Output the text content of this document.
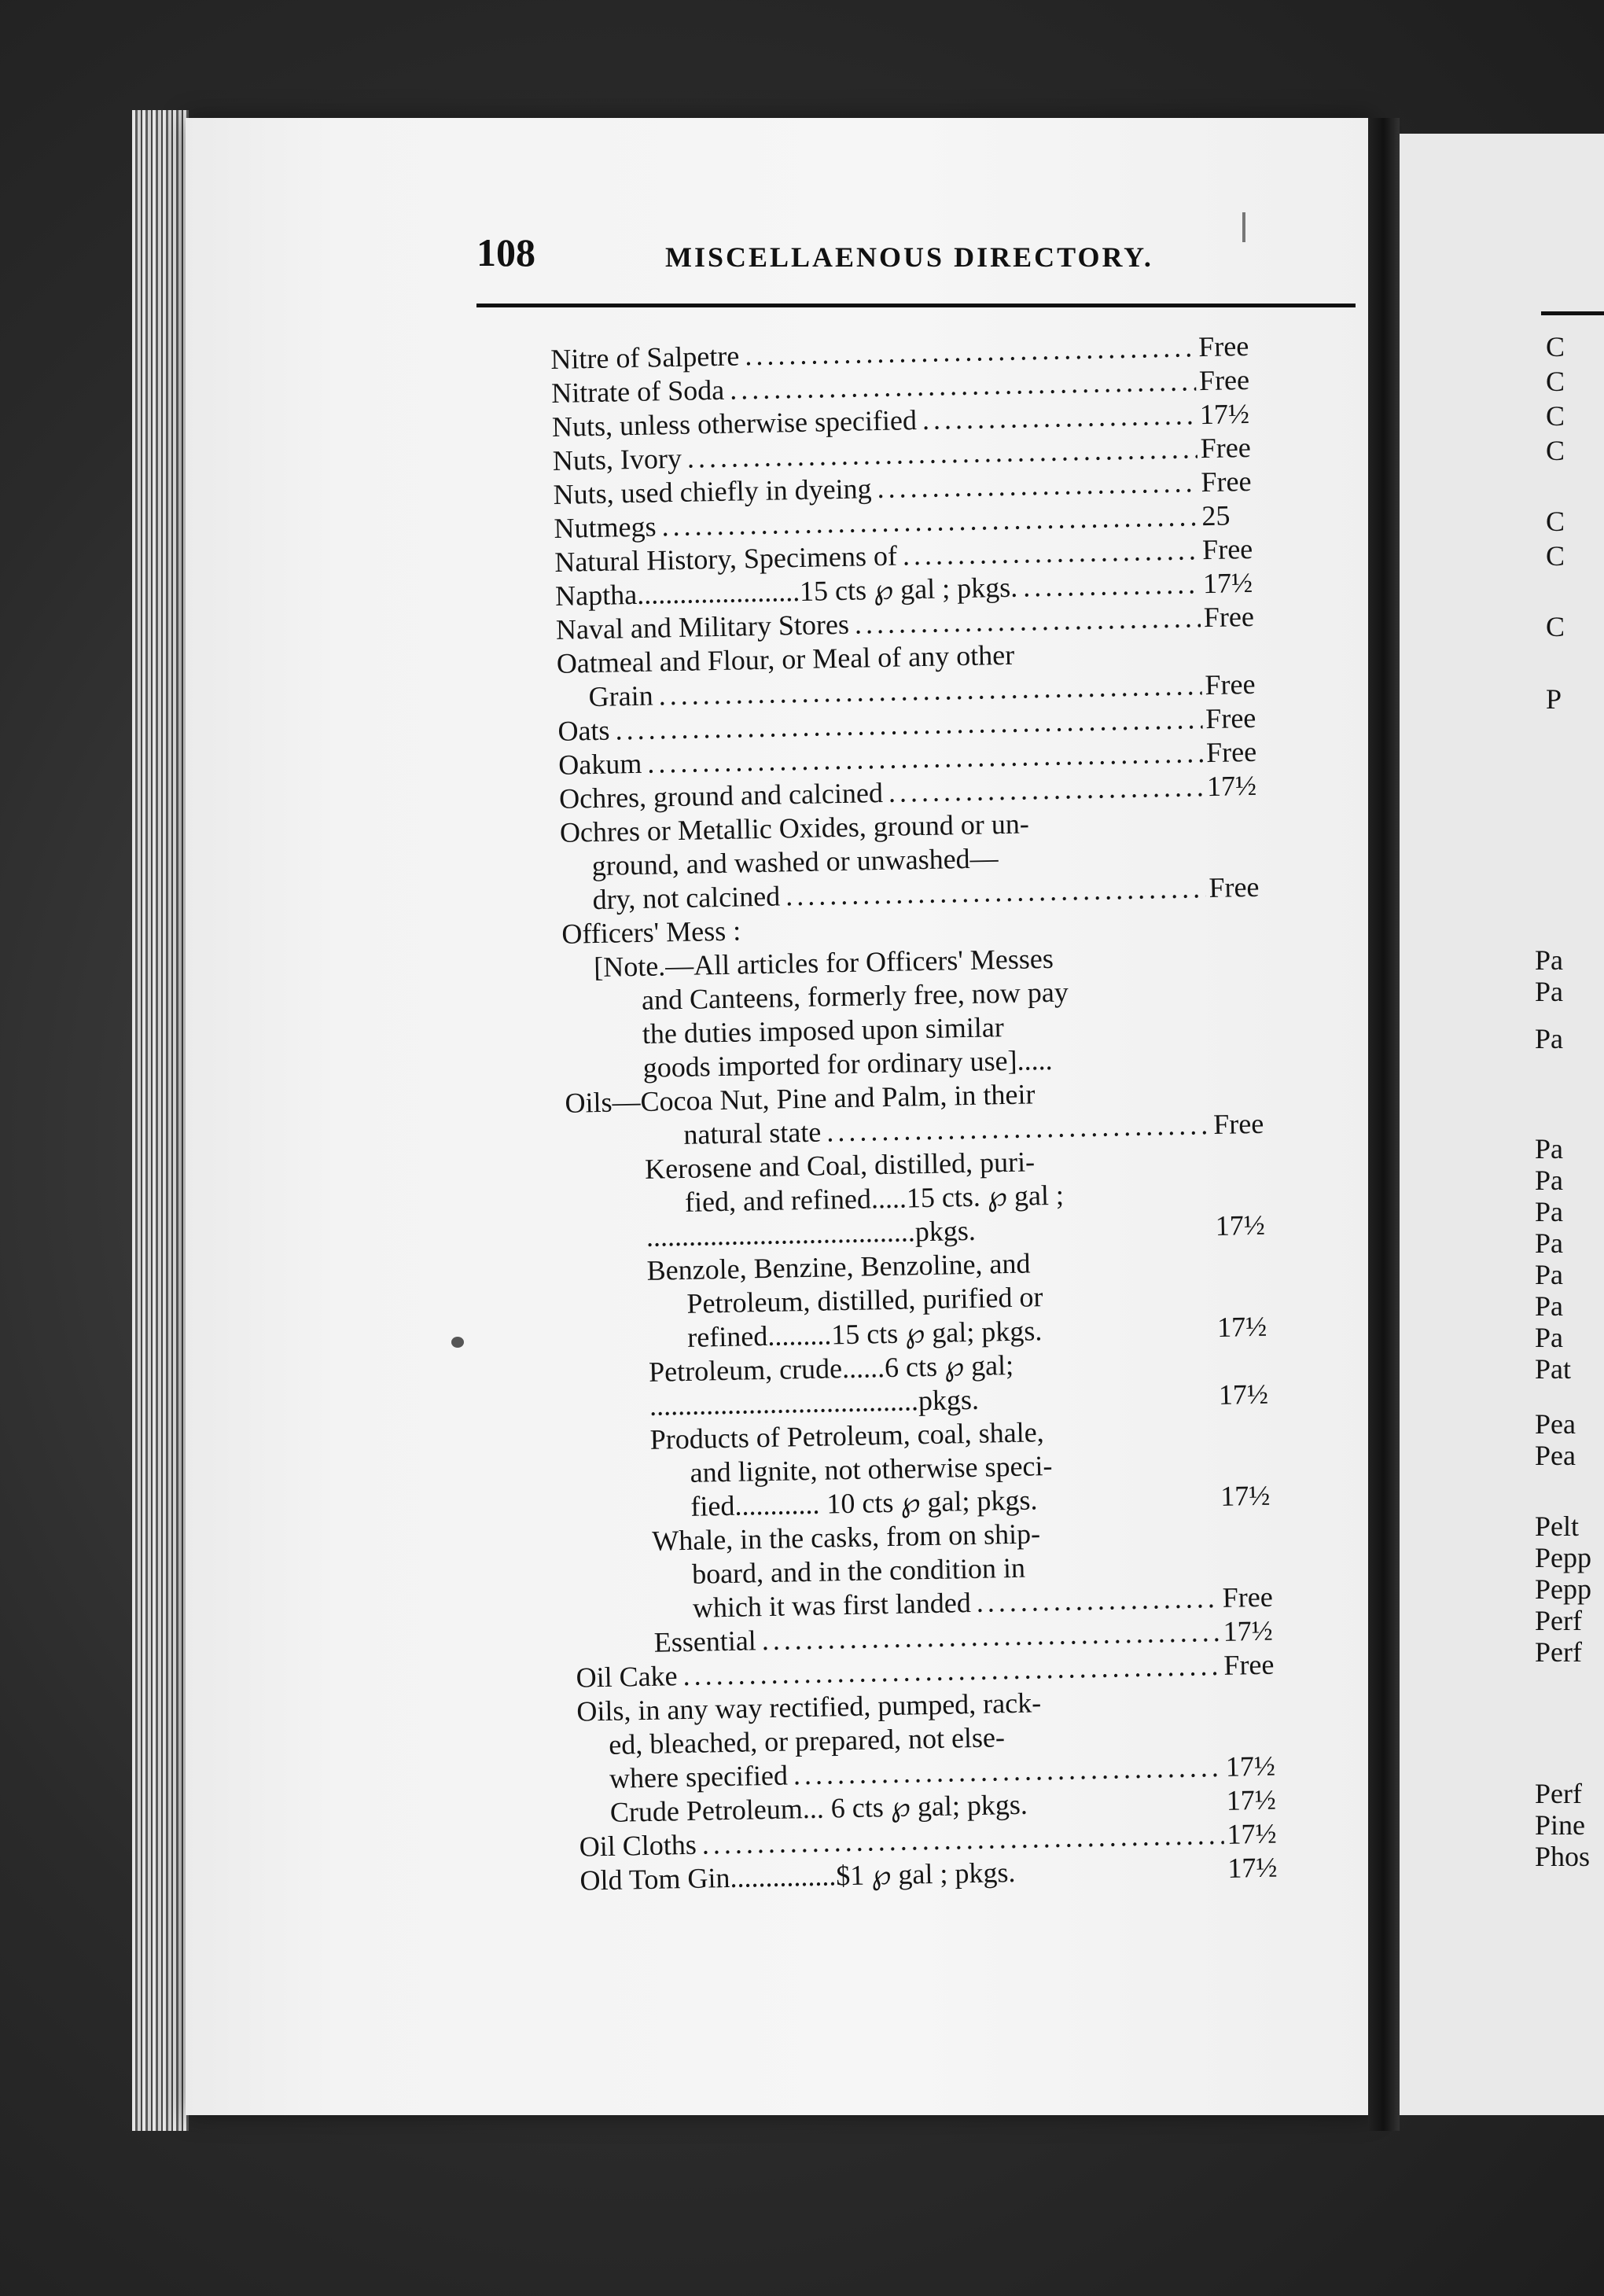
108	MISCELLAENOUS DIRECTORY.
Nitre of Salpetre . . .	Free
Nitrate of Soda . . .	Free
Nuts, unless otherwise specified . . .	17½
Nuts, Ivory . . .	Free
Nuts, used chiefly in dyeing . . .	Free
Nutmegs . . .	25
Natural History, Specimens of . . .	Free
Naptha.......................15 cts ℘ gal ; pkgs. . . .	17½
Naval and Military Stores . . .	Free
Oatmeal and Flour, or Meal of any other
Grain . . .	Free
Oats . . .	Free
Oakum . . .	Free
Ochres, ground and calcined . . .	17½
Ochres or Metallic Oxides, ground or un-
ground, and washed or unwashed—
dry, not calcined . . .	Free
Officers' Mess :
[Note.—All articles for Officers' Messes
and Canteens, formerly free, now pay
the duties imposed upon similar
goods imported for ordinary use].....
Oils—Cocoa Nut, Pine and Palm, in their
natural state . . .	Free
Kerosene and Coal, distilled, puri-
fied, and refined.....15 cts. ℘ gal ;
......................................pkgs.	17½
Benzole, Benzine, Benzoline, and
Petroleum, distilled, purified or
refined.........15 cts ℘ gal; pkgs.	17½
Petroleum, crude......6 cts ℘ gal;
......................................pkgs.	17½
Products of Petroleum, coal, shale,
and lignite, not otherwise speci-
fied............ 10 cts ℘ gal; pkgs.	17½
Whale, in the casks, from on ship-
board, and in the condition in
which it was first landed . . .	Free
Essential . . .	17½
Oil Cake . . .	Free
Oils, in any way rectified, pumped, rack-
ed, bleached, or prepared, not else-
where specified . . .	17½
Crude Petroleum... 6 cts ℘ gal; pkgs.	17½
Oil Cloths . . .	17½
Old Tom Gin...............$1 ℘ gal ; pkgs.	17½
C
C
C
C
C
C
C
P
Pa
Pa
Pa
Pa
Pa
Pa
Pa
Pa
Pa
Pa
Pat
Pea
Pea
Pelt
Pepp
Pepp
Perf
Perf
Perf
Pine
Phos
